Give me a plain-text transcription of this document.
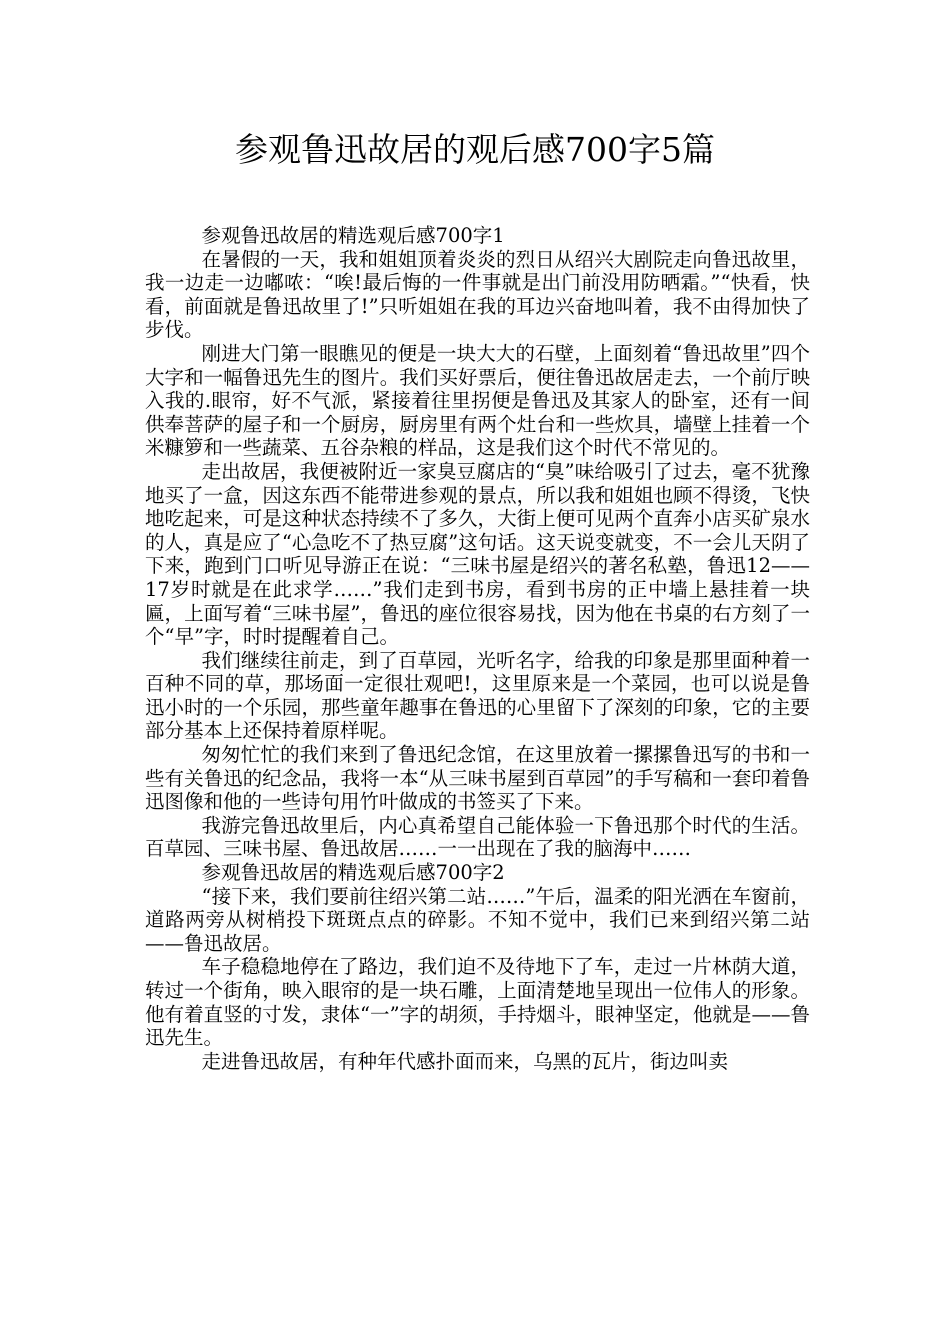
参观鲁迅故居的观后感700字5篇

参观鲁迅故居的精选观后感700字1

在暑假的一天，我和姐姐顶着炎炎的烈日从绍兴大剧院走向鲁迅故里，我一边走一边嘟哝：“唉!最后悔的一件事就是出门前没用防晒霜。”“快看，快看，前面就是鲁迅故里了!”只听姐姐在我的耳边兴奋地叫着，我不由得加快了步伐。

刚进大门第一眼瞧见的便是一块大大的石壁，上面刻着“鲁迅故里”四个大字和一幅鲁迅先生的图片。我们买好票后，便往鲁迅故居走去，一个前厅映入我的.眼帘，好不气派，紧接着往里拐便是鲁迅及其家人的卧室，还有一间供奉菩萨的屋子和一个厨房，厨房里有两个灶台和一些炊具，墙壁上挂着一个米糠箩和一些蔬菜、五谷杂粮的样品，这是我们这个时代不常见的。

走出故居，我便被附近一家臭豆腐店的“臭”味给吸引了过去，毫不犹豫地买了一盒，因这东西不能带进参观的景点，所以我和姐姐也顾不得烫，飞快地吃起来，可是这种状态持续不了多久，大街上便可见两个直奔小店买矿泉水的人，真是应了“心急吃不了热豆腐”这句话。这天说变就变，不一会儿天阴了下来，跑到门口听见导游正在说：“三味书屋是绍兴的著名私塾，鲁迅12——17岁时就是在此求学……”我们走到书房，看到书房的正中墙上悬挂着一块匾，上面写着“三味书屋”，鲁迅的座位很容易找，因为他在书桌的右方刻了一个“早”字，时时提醒着自己。

我们继续往前走，到了百草园，光听名字，给我的印象是那里面种着一百种不同的草，那场面一定很壮观吧!，这里原来是一个菜园，也可以说是鲁迅小时的一个乐园，那些童年趣事在鲁迅的心里留下了深刻的印象，它的主要部分基本上还保持着原样呢。

匆匆忙忙的我们来到了鲁迅纪念馆，在这里放着一摞摞鲁迅写的书和一些有关鲁迅的纪念品，我将一本“从三味书屋到百草园”的手写稿和一套印着鲁迅图像和他的一些诗句用竹叶做成的书签买了下来。

我游完鲁迅故里后，内心真希望自己能体验一下鲁迅那个时代的生活。百草园、三味书屋、鲁迅故居……一一出现在了我的脑海中……

参观鲁迅故居的精选观后感700字2

“接下来，我们要前往绍兴第二站……”午后，温柔的阳光洒在车窗前，道路两旁从树梢投下斑斑点点的碎影。不知不觉中，我们已来到绍兴第二站——鲁迅故居。

车子稳稳地停在了路边，我们迫不及待地下了车，走过一片林荫大道，转过一个街角，映入眼帘的是一块石雕，上面清楚地呈现出一位伟人的形象。他有着直竖的寸发，隶体“一”字的胡须，手持烟斗，眼神坚定，他就是——鲁迅先生。

走进鲁迅故居，有种年代感扑面而来，乌黑的瓦片，街边叫卖
